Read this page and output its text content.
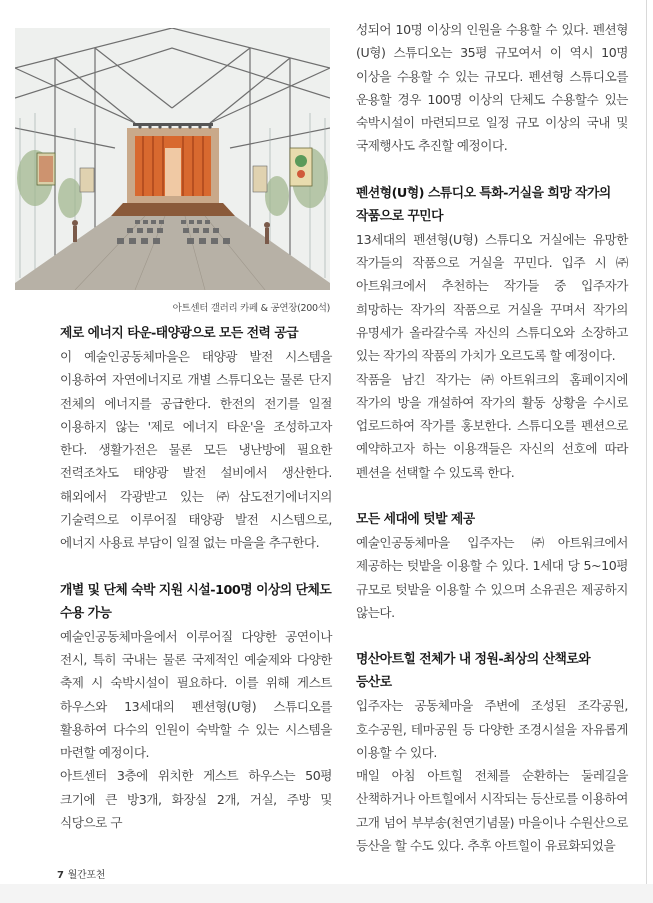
아트센터 갤러리 카페 & 공연장(200석)

제로 에너지 타운-태양광으로 모든 전력 공급

이 예술인공동체마을은 태양광 발전 시스템을 이용하여 자연에너지로 개별 스튜디오는 물론 단지 전체의 에너지를 공급한다. 한전의 전기를 일절 이용하지 않는 '제로 에너지 타운'을 조성하고자 한다. 생활가전은 물론 모든 냉난방에 필요한 전력조차도 태양광 발전 설비에서 생산한다. 해외에서 각광받고 있는 ㈜삼도전기에너지의 기술력으로 이루어질 태양광 발전 시스템으로, 에너지 사용료 부담이 일절 없는 마을을 추구한다.

개별 및 단체 숙박 지원 시설-100명 이상의 단체도 수용 가능

예술인공동체마을에서 이루어질 다양한 공연이나 전시, 특히 국내는 물론 국제적인 예술제와 다양한 축제 시 숙박시설이 필요하다. 이를 위해 게스트 하우스와 13세대의 펜션형(U형) 스튜디오를 활용하여 다수의 인원이 숙박할 수 있는 시스템을 마련할 예정이다.

아트센터 3층에 위치한 게스트 하우스는 50평 크기에 큰 방3개, 화장실 2개, 거실, 주방 및 식당으로 구

성되어 10명 이상의 인원을 수용할 수 있다. 펜션형(U형) 스튜디오는 35평 규모여서 이 역시 10명 이상을 수용할 수 있는 규모다. 펜션형 스튜디오를 운용할 경우 100명 이상의 단체도 수용할수 있는 숙박시설이 마련되므로 일정 규모 이상의 국내 및 국제행사도 추진할 예정이다.

펜션형(U형) 스튜디오 특화-거실을 희망 작가의 작품으로 꾸민다

13세대의 펜션형(U형) 스튜디오 거실에는 유망한 작가들의 작품으로 거실을 꾸민다. 입주 시 ㈜아트워크에서 추천하는 작가들 중 입주자가 희망하는 작가의 작품으로 거실을 꾸며서 작가의 유명세가 올라갈수록 자신의 스튜디오와 소장하고 있는 작가의 작품의 가치가 오르도록 할 예정이다.

작품을 남긴 작가는 ㈜아트워크의 홈페이지에 작가의 방을 개설하여 작가의 활동 상황을 수시로 업로드하여 작가를 홍보한다. 스튜디오를 펜션으로 예약하고자 하는 이용객들은 자신의 선호에 따라 펜션을 선택할 수 있도록 한다.

모든 세대에 텃밭 제공

예술인공동체마을 입주자는 ㈜아트워크에서 제공하는 텃밭을 이용할 수 있다. 1세대 당 5~10평 규모로 텃밭을 이용할 수 있으며 소유권은 제공하지 않는다.

명산아트힐 전체가 내 정원-최상의 산책로와 등산로

입주자는 공동체마을 주변에 조성된 조각공원, 호수공원, 테마공원 등 다양한 조경시설을 자유롭게 이용할 수 있다.

매일 아침 아트힐 전체를 순환하는 둘레길을 산책하거나 아트힐에서 시작되는 등산로를 이용하여 고개 넘어 부부송(천연기념물) 마을이나 수원산으로 등산을 할 수도 있다. 추후 아트힐이 유료화되었을

7 월간포천
